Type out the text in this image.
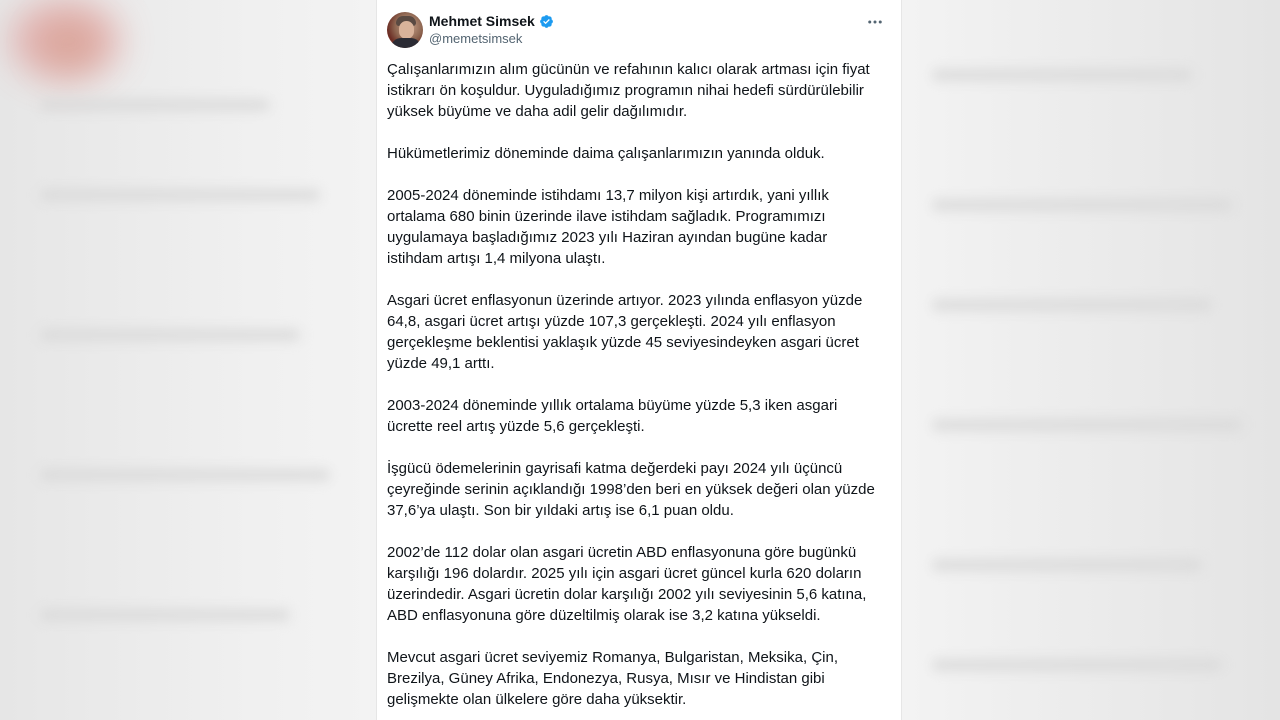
Mehmet Simsek
@memetsimsek

Çalışanlarımızın alım gücünün ve refahının kalıcı olarak artması için fiyat
istikrarı ön koşuldur. Uyguladığımız programın nihai hedefi sürdürülebilir
yüksek büyüme ve daha adil gelir dağılımıdır.

Hükümetlerimiz döneminde daima çalışanlarımızın yanında olduk.

2005-2024 döneminde istihdamı 13,7 milyon kişi artırdık, yani yıllık
ortalama 680 binin üzerinde ilave istihdam sağladık. Programımızı
uygulamaya başladığımız 2023 yılı Haziran ayından bugüne kadar
istihdam artışı 1,4 milyona ulaştı.

Asgari ücret enflasyonun üzerinde artıyor. 2023 yılında enflasyon yüzde
64,8, asgari ücret artışı yüzde 107,3 gerçekleşti. 2024 yılı enflasyon
gerçekleşme beklentisi yaklaşık yüzde 45 seviyesindeyken asgari ücret
yüzde 49,1 arttı.

2003-2024 döneminde yıllık ortalama büyüme yüzde 5,3 iken asgari
ücrette reel artış yüzde 5,6 gerçekleşti.

İşgücü ödemelerinin gayrisafi katma değerdeki payı 2024 yılı üçüncü
çeyreğinde serinin açıklandığı 1998’den beri en yüksek değeri olan yüzde
37,6’ya ulaştı. Son bir yıldaki artış ise 6,1 puan oldu.

2002’de 112 dolar olan asgari ücretin ABD enflasyonuna göre bugünkü
karşılığı 196 dolardır. 2025 yılı için asgari ücret güncel kurla 620 doların
üzerindedir. Asgari ücretin dolar karşılığı 2002 yılı seviyesinin 5,6 katına,
ABD enflasyonuna göre düzeltilmiş olarak ise 3,2 katına yükseldi.

Mevcut asgari ücret seviyemiz Romanya, Bulgaristan, Meksika, Çin,
Brezilya, Güney Afrika, Endonezya, Rusya, Mısır ve Hindistan gibi
gelişmekte olan ülkelere göre daha yüksektir.
